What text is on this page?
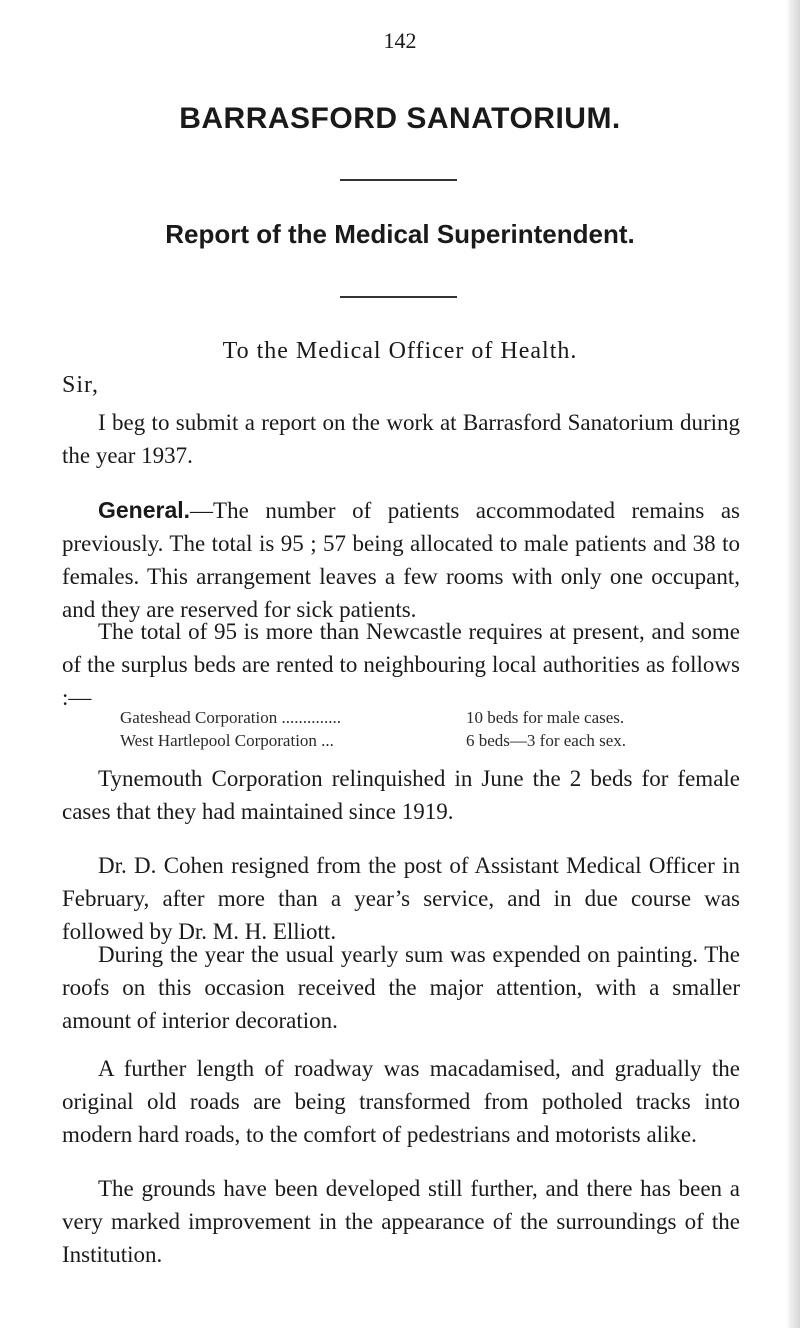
142
BARRASFORD SANATORIUM.
Report of the Medical Superintendent.
To the Medical Officer of Health.
Sir,

I beg to submit a report on the work at Barrasford Sanatorium during the year 1937.

General.—The number of patients accommodated remains as previously. The total is 95 ; 57 being allocated to male patients and 38 to females. This arrangement leaves a few rooms with only one occupant, and they are reserved for sick patients.

The total of 95 is more than Newcastle requires at present, and some of the surplus beds are rented to neighbouring local authorities as follows :—

Gateshead Corporation ..............	10 beds for male cases.
West Hartlepool Corporation ...	6 beds—3 for each sex.

Tynemouth Corporation relinquished in June the 2 beds for female cases that they had maintained since 1919.

Dr. D. Cohen resigned from the post of Assistant Medical Officer in February, after more than a year’s service, and in due course was followed by Dr. M. H. Elliott.

During the year the usual yearly sum was expended on painting. The roofs on this occasion received the major attention, with a smaller amount of interior decoration.

A further length of roadway was macadamised, and gradually the original old roads are being transformed from potholed tracks into modern hard roads, to the comfort of pedestrians and motorists alike.

The grounds have been developed still further, and there has been a very marked improvement in the appearance of the surroundings of the Institution.
